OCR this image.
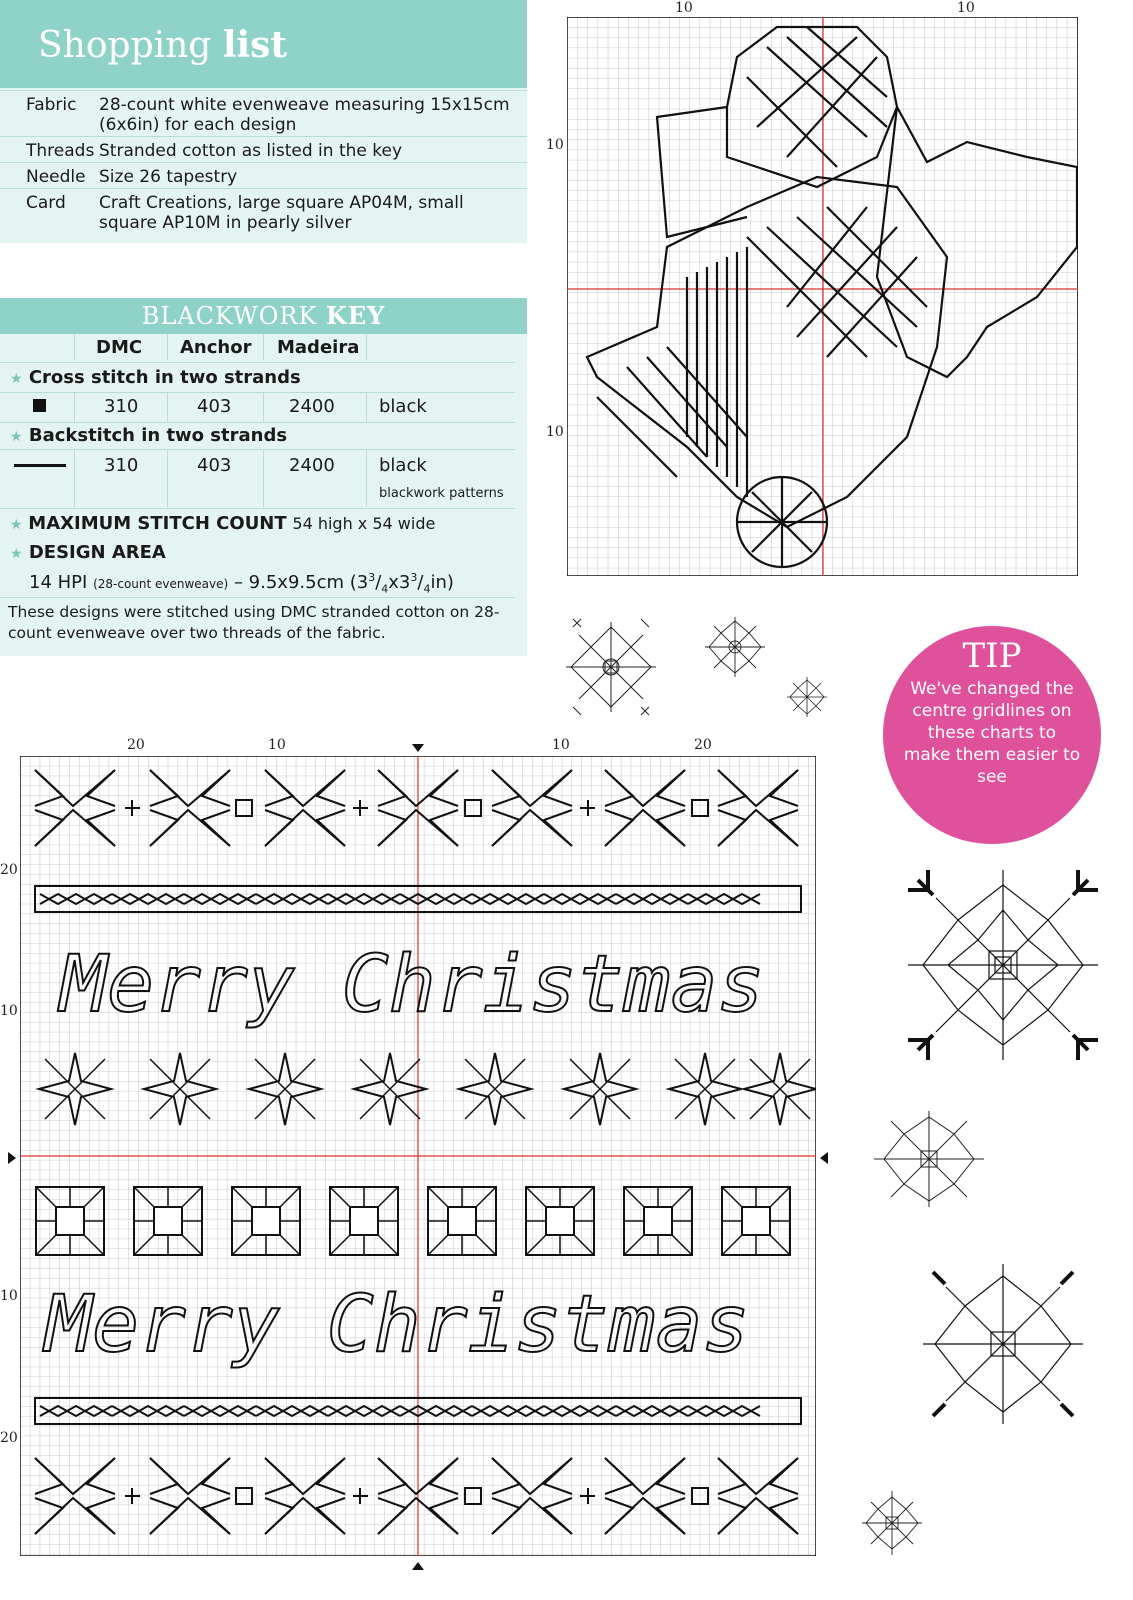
Shopping list
Fabric	28-count white evenweave measuring 15x15cm (6x6in) for each design
Threads Stranded cotton as listed in the key
Needle Size 26 tapestry
Card	Craft Creations, large square AP04M, small square AP10M in pearly silver
BLACKWORK KEY
DMC Anchor Madeira
★ Cross stitch in two strands
310	403	2400 black
★ Backstitch in two strands
310	403	2400 black
blackwork patterns
★ MAXIMUM STITCH COUNT 54 high x 54 wide
★ DESIGN AREA
14 HPI (28-count evenweave) – 9.5x9.5cm $(3^3/_4x3^3/_4in)$
These designs were stitched using DMC stranded cotton on 28-count evenweave over two threads of the fabric.
10	10
10
10
TIP
We've changed the centre gridlines on these charts to make them easier to see
20	10	10	20
20
10
10
20
Merry Christmas
Merry Christmas
